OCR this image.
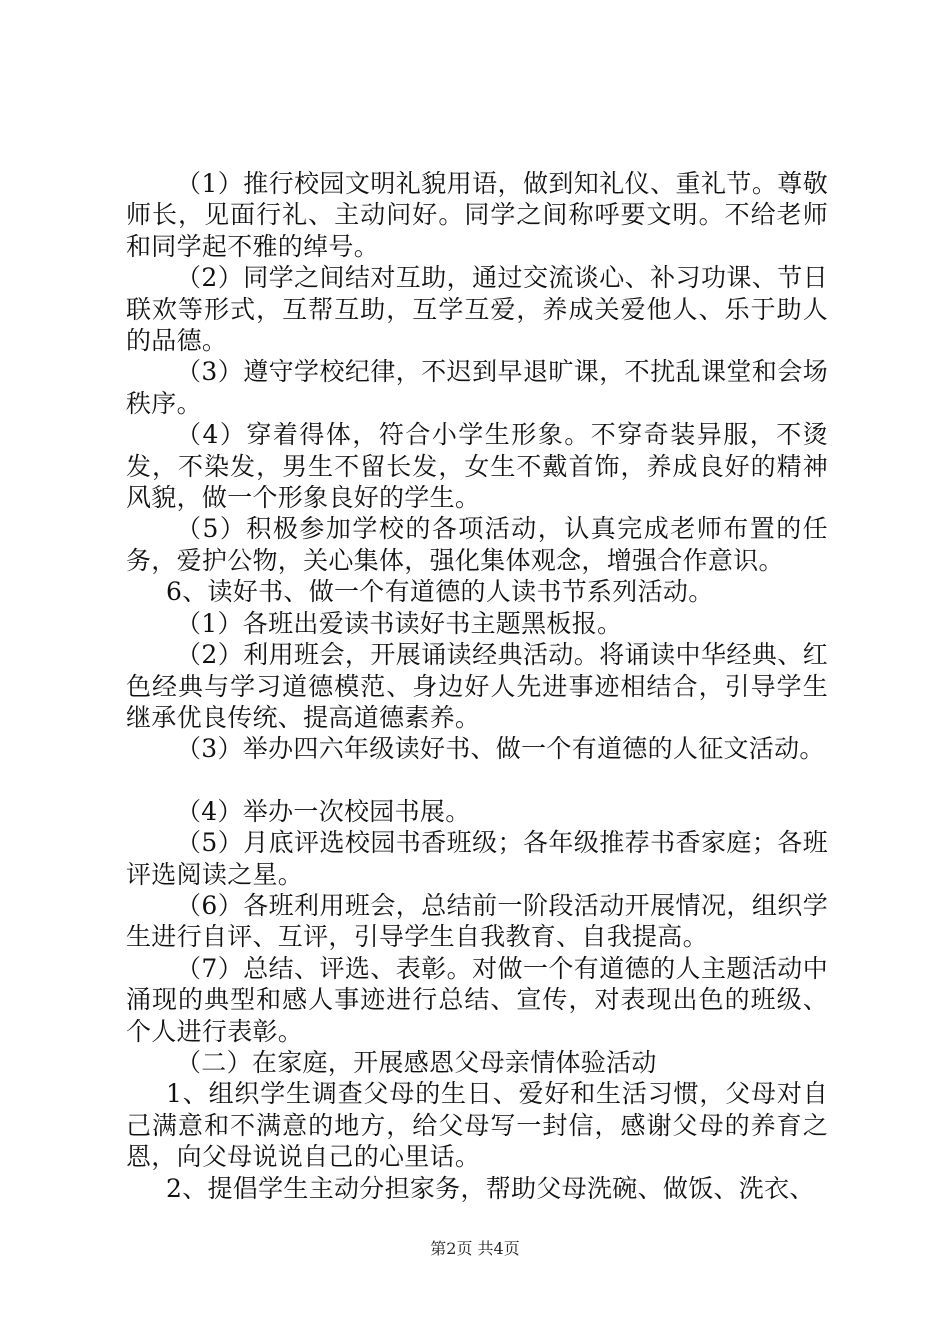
（1）推行校园文明礼貌用语，做到知礼仪、重礼节。尊敬师长，见面行礼、主动问好。同学之间称呼要文明。不给老师和同学起不雅的绰号。

（2）同学之间结对互助，通过交流谈心、补习功课、节日联欢等形式，互帮互助，互学互爱，养成关爱他人、乐于助人的品德。

（3）遵守学校纪律，不迟到早退旷课，不扰乱课堂和会场秩序。

（4）穿着得体，符合小学生形象。不穿奇装异服，不烫发，不染发，男生不留长发，女生不戴首饰，养成良好的精神风貌，做一个形象良好的学生。

（5）积极参加学校的各项活动，认真完成老师布置的任务，爱护公物，关心集体，强化集体观念，增强合作意识。

6、读好书、做一个有道德的人读书节系列活动。

（1）各班出爱读书读好书主题黑板报。

（2）利用班会，开展诵读经典活动。将诵读中华经典、红色经典与学习道德模范、身边好人先进事迹相结合，引导学生继承优良传统、提高道德素养。

（3）举办四六年级读好书、做一个有道德的人征文活动。

（4）举办一次校园书展。

（5）月底评选校园书香班级；各年级推荐书香家庭；各班评选阅读之星。

（6）各班利用班会，总结前一阶段活动开展情况，组织学生进行自评、互评，引导学生自我教育、自我提高。

（7）总结、评选、表彰。对做一个有道德的人主题活动中涌现的典型和感人事迹进行总结、宣传，对表现出色的班级、个人进行表彰。

（二）在家庭，开展感恩父母亲情体验活动

1、组织学生调查父母的生日、爱好和生活习惯，父母对自己满意和不满意的地方，给父母写一封信，感谢父母的养育之恩，向父母说说自己的心里话。

2、提倡学生主动分担家务，帮助父母洗碗、做饭、洗衣、

第2页 共4页
